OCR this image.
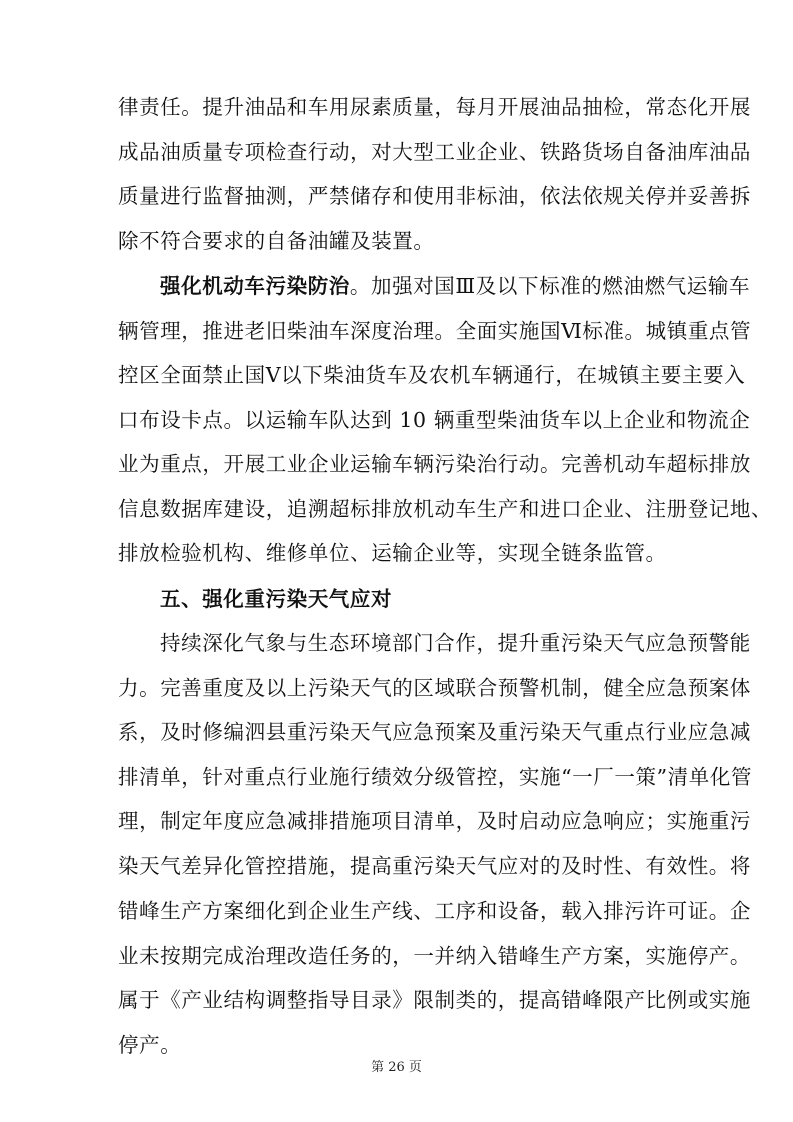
律责任。提升油品和车用尿素质量，每月开展油品抽检，常态化开展
成品油质量专项检查行动，对大型工业企业、铁路货场自备油库油品
质量进行监督抽测，严禁储存和使用非标油，依法依规关停并妥善拆
除不符合要求的自备油罐及装置。
强化机动车污染防治。加强对国Ⅲ及以下标准的燃油燃气运输车
辆管理，推进老旧柴油车深度治理。全面实施国Ⅵ标准。城镇重点管
控区全面禁止国Ⅴ以下柴油货车及农机车辆通行，在城镇主要主要入
口布设卡点。以运输车队达到 10 辆重型柴油货车以上企业和物流企
业为重点，开展工业企业运输车辆污染治行动。完善机动车超标排放
信息数据库建设，追溯超标排放机动车生产和进口企业、注册登记地、
排放检验机构、维修单位、运输企业等，实现全链条监管。
五、强化重污染天气应对
持续深化气象与生态环境部门合作，提升重污染天气应急预警能
力。完善重度及以上污染天气的区域联合预警机制，健全应急预案体
系，及时修编泗县重污染天气应急预案及重污染天气重点行业应急减
排清单，针对重点行业施行绩效分级管控，实施“一厂一策”清单化管
理，制定年度应急减排措施项目清单，及时启动应急响应；实施重污
染天气差异化管控措施，提高重污染天气应对的及时性、有效性。将
错峰生产方案细化到企业生产线、工序和设备，载入排污许可证。企
业未按期完成治理改造任务的，一并纳入错峰生产方案，实施停产。
第 26 页
属于《产业结构调整指导目录》限制类的，提高错峰限产比例或实施
停产。
